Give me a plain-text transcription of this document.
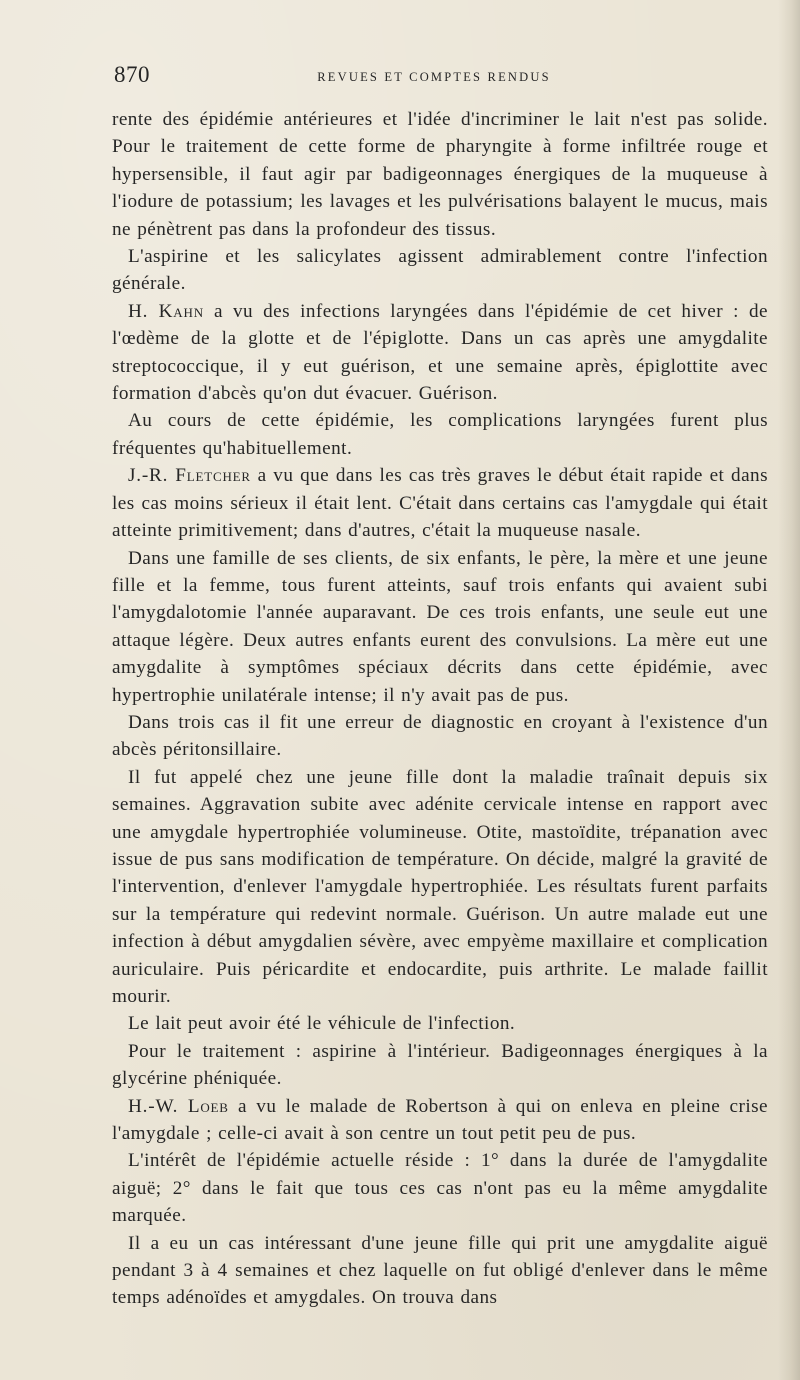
870	REVUES ET COMPTES RENDUS

rente des épidémie antérieures et l'idée d'incriminer le lait n'est pas solide. Pour le traitement de cette forme de pharyngite à forme infiltrée rouge et hypersensible, il faut agir par badigeonnages énergiques de la muqueuse à l'iodure de potassium; les lavages et les pulvérisations balayent le mucus, mais ne pénètrent pas dans la profondeur des tissus.

L'aspirine et les salicylates agissent admirablement contre l'infection générale.

H. Kahn a vu des infections laryngées dans l'épidémie de cet hiver : de l'œdème de la glotte et de l'épiglotte. Dans un cas après une amygdalite streptococcique, il y eut guérison, et une semaine après, épiglottite avec formation d'abcès qu'on dut évacuer. Guérison.

Au cours de cette épidémie, les complications laryngées furent plus fréquentes qu'habituellement.

J.-R. Fletcher a vu que dans les cas très graves le début était rapide et dans les cas moins sérieux il était lent. C'était dans certains cas l'amygdale qui était atteinte primitivement; dans d'autres, c'était la muqueuse nasale.

Dans une famille de ses clients, de six enfants, le père, la mère et une jeune fille et la femme, tous furent atteints, sauf trois enfants qui avaient subi l'amygdalotomie l'année auparavant. De ces trois enfants, une seule eut une attaque légère. Deux autres enfants eurent des convulsions. La mère eut une amygdalite à symptômes spéciaux décrits dans cette épidémie, avec hypertrophie unilatérale intense; il n'y avait pas de pus.

Dans trois cas il fit une erreur de diagnostic en croyant à l'existence d'un abcès péritonsillaire.

Il fut appelé chez une jeune fille dont la maladie traînait depuis six semaines. Aggravation subite avec adénite cervicale intense en rapport avec une amygdale hypertrophiée volumineuse. Otite, mastoïdite, trépanation avec issue de pus sans modification de température. On décide, malgré la gravité de l'intervention, d'enlever l'amygdale hypertrophiée. Les résultats furent parfaits sur la température qui redevint normale. Guérison. Un autre malade eut une infection à début amygdalien sévère, avec empyème maxillaire et complication auriculaire. Puis péricardite et endocardite, puis arthrite. Le malade faillit mourir.

Le lait peut avoir été le véhicule de l'infection.

Pour le traitement : aspirine à l'intérieur. Badigeonnages énergiques à la glycérine phéniquée.

H.-W. Loeb a vu le malade de Robertson à qui on enleva en pleine crise l'amygdale ; celle-ci avait à son centre un tout petit peu de pus.

L'intérêt de l'épidémie actuelle réside : 1° dans la durée de l'amygdalite aiguë; 2° dans le fait que tous ces cas n'ont pas eu la même amygdalite marquée.

Il a eu un cas intéressant d'une jeune fille qui prit une amygdalite aiguë pendant 3 à 4 semaines et chez laquelle on fut obligé d'enlever dans le même temps adénoïdes et amygdales. On trouva dans
